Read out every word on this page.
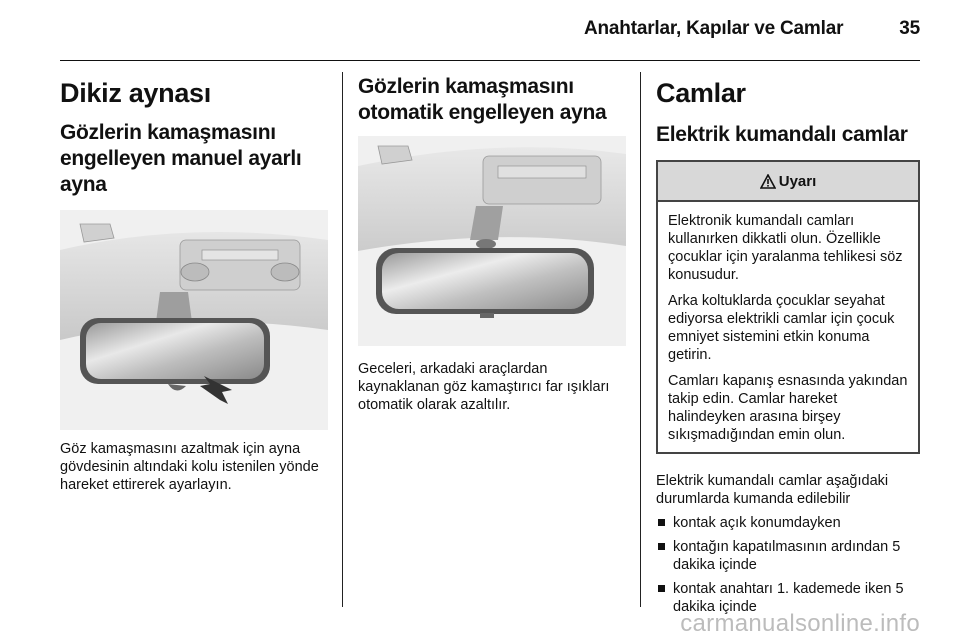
Anahtarlar, Kapılar ve Camlar	35
Dikiz aynası
Gözlerin kamaşmasını engelleyen manuel ayarlı ayna

Göz kamaşmasını azaltmak için ayna gövdesinin altındaki kolu istenilen yönde hareket ettirerek ayarlayın.

Gözlerin kamaşmasını otomatik engelleyen ayna

Geceleri, arkadaki araçlardan kaynaklanan göz kamaştırıcı far ışıkları otomatik olarak azaltılır.

Camlar
Elektrik kumandalı camlar
Uyarı

Elektronik kumandalı camları kullanırken dikkatli olun. Özellikle çocuklar için yaralanma tehlikesi söz konusudur.

Arka koltuklarda çocuklar seyahat ediyorsa elektrikli camlar için çocuk emniyet sistemini etkin konuma getirin.

Camları kapanış esnasında yakından takip edin. Camlar hareket halindeyken arasına birşey sıkışmadığından emin olun.

Elektrik kumandalı camlar aşağıdaki durumlarda kumanda edilebilir

kontak açık konumdayken
kontağın kapatılmasının ardından 5 dakika içinde
kontak anahtarı 1. kademede iken 5 dakika içinde
carmanualsonline.info
